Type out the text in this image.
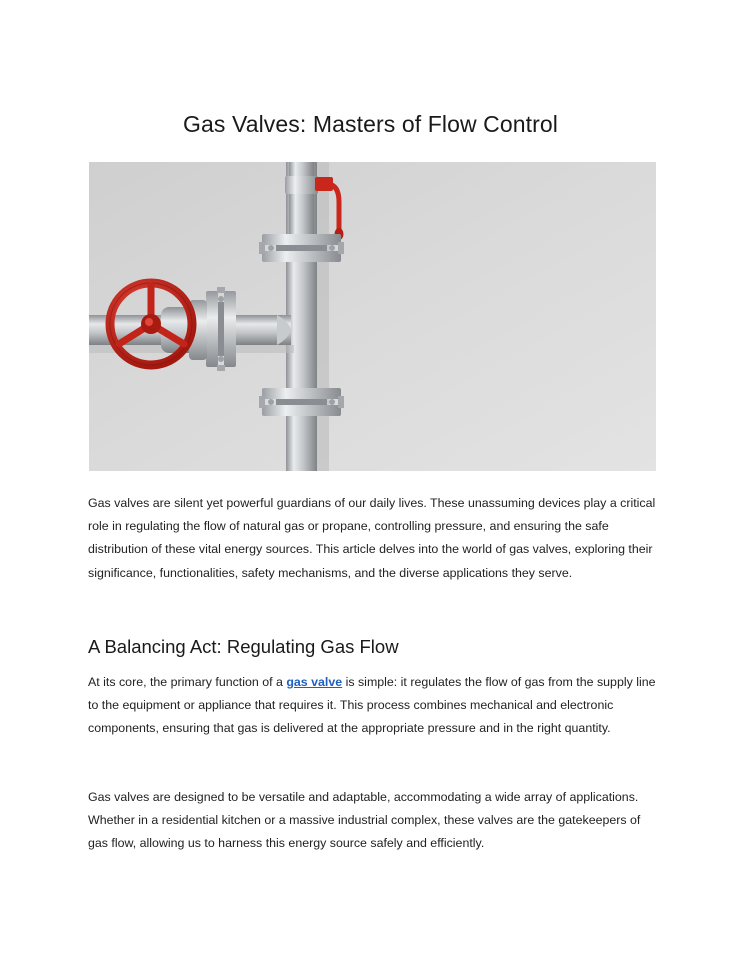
Gas Valves: Masters of Flow Control

Gas valves are silent yet powerful guardians of our daily lives. These unassuming devices play a critical role in regulating the flow of natural gas or propane, controlling pressure, and ensuring the safe distribution of these vital energy sources. This article delves into the world of gas valves, exploring their significance, functionalities, safety mechanisms, and the diverse applications they serve.

A Balancing Act: Regulating Gas Flow

At its core, the primary function of a gas valve is simple: it regulates the flow of gas from the supply line to the equipment or appliance that requires it. This process combines mechanical and electronic components, ensuring that gas is delivered at the appropriate pressure and in the right quantity.

Gas valves are designed to be versatile and adaptable, accommodating a wide array of applications. Whether in a residential kitchen or a massive industrial complex, these valves are the gatekeepers of gas flow, allowing us to harness this energy source safely and efficiently.
